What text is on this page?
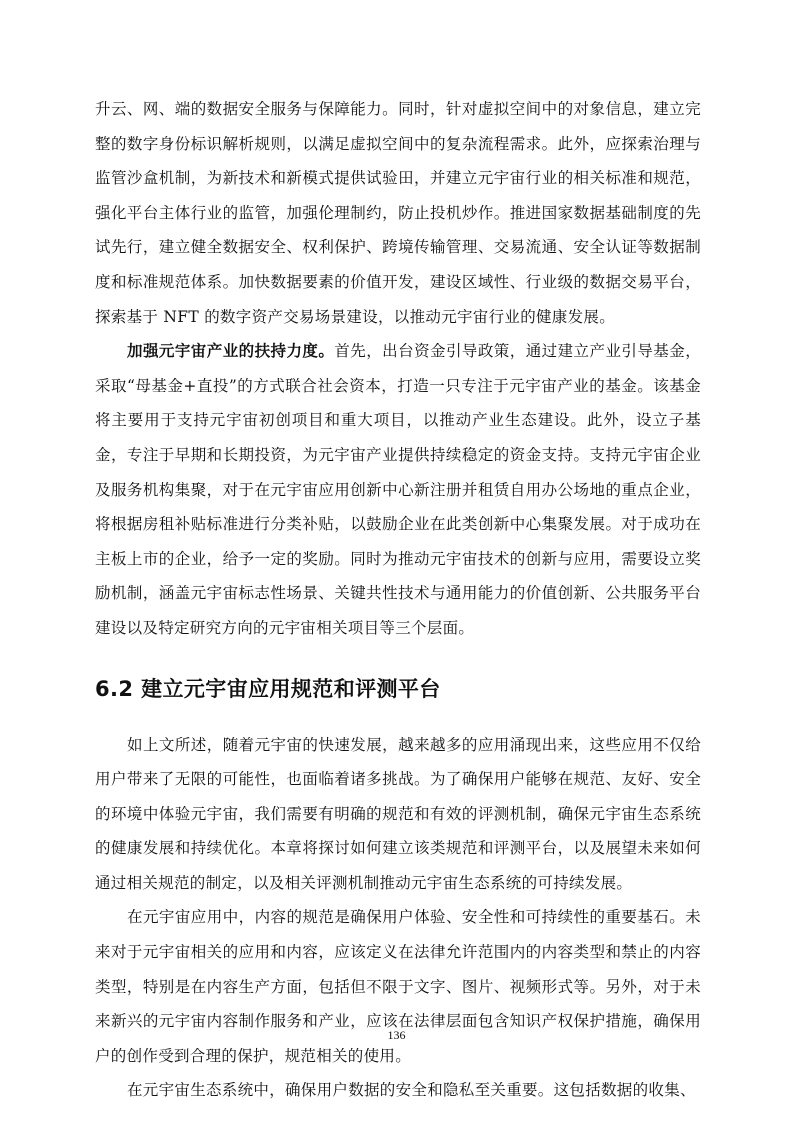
升云、网、端的数据安全服务与保障能力。同时，针对虚拟空间中的对象信息，建立完整的数字身份标识解析规则，以满足虚拟空间中的复杂流程需求。此外，应探索治理与监管沙盒机制，为新技术和新模式提供试验田，并建立元宇宙行业的相关标准和规范，强化平台主体行业的监管，加强伦理制约，防止投机炒作。推进国家数据基础制度的先试先行，建立健全数据安全、权利保护、跨境传输管理、交易流通、安全认证等数据制度和标准规范体系。加快数据要素的价值开发，建设区域性、行业级的数据交易平台，探索基于 NFT 的数字资产交易场景建设，以推动元宇宙行业的健康发展。

加强元宇宙产业的扶持力度。首先，出台资金引导政策，通过建立产业引导基金，采取“母基金+直投”的方式联合社会资本，打造一只专注于元宇宙产业的基金。该基金将主要用于支持元宇宙初创项目和重大项目，以推动产业生态建设。此外，设立子基金，专注于早期和长期投资，为元宇宙产业提供持续稳定的资金支持。支持元宇宙企业及服务机构集聚，对于在元宇宙应用创新中心新注册并租赁自用办公场地的重点企业，将根据房租补贴标准进行分类补贴，以鼓励企业在此类创新中心集聚发展。对于成功在主板上市的企业，给予一定的奖励。同时为推动元宇宙技术的创新与应用，需要设立奖励机制，涵盖元宇宙标志性场景、关键共性技术与通用能力的价值创新、公共服务平台建设以及特定研究方向的元宇宙相关项目等三个层面。

6.2 建立元宇宙应用规范和评测平台

如上文所述，随着元宇宙的快速发展，越来越多的应用涌现出来，这些应用不仅给用户带来了无限的可能性，也面临着诸多挑战。为了确保用户能够在规范、友好、安全的环境中体验元宇宙，我们需要有明确的规范和有效的评测机制，确保元宇宙生态系统的健康发展和持续优化。本章将探讨如何建立该类规范和评测平台，以及展望未来如何通过相关规范的制定，以及相关评测机制推动元宇宙生态系统的可持续发展。

在元宇宙应用中，内容的规范是确保用户体验、安全性和可持续性的重要基石。未来对于元宇宙相关的应用和内容，应该定义在法律允许范围内的内容类型和禁止的内容类型，特别是在内容生产方面，包括但不限于文字、图片、视频形式等。另外，对于未来新兴的元宇宙内容制作服务和产业，应该在法律层面包含知识产权保护措施，确保用户的创作受到合理的保护，规范相关的使用。

在元宇宙生态系统中，确保用户数据的安全和隐私至关重要。这包括数据的收集、

136
